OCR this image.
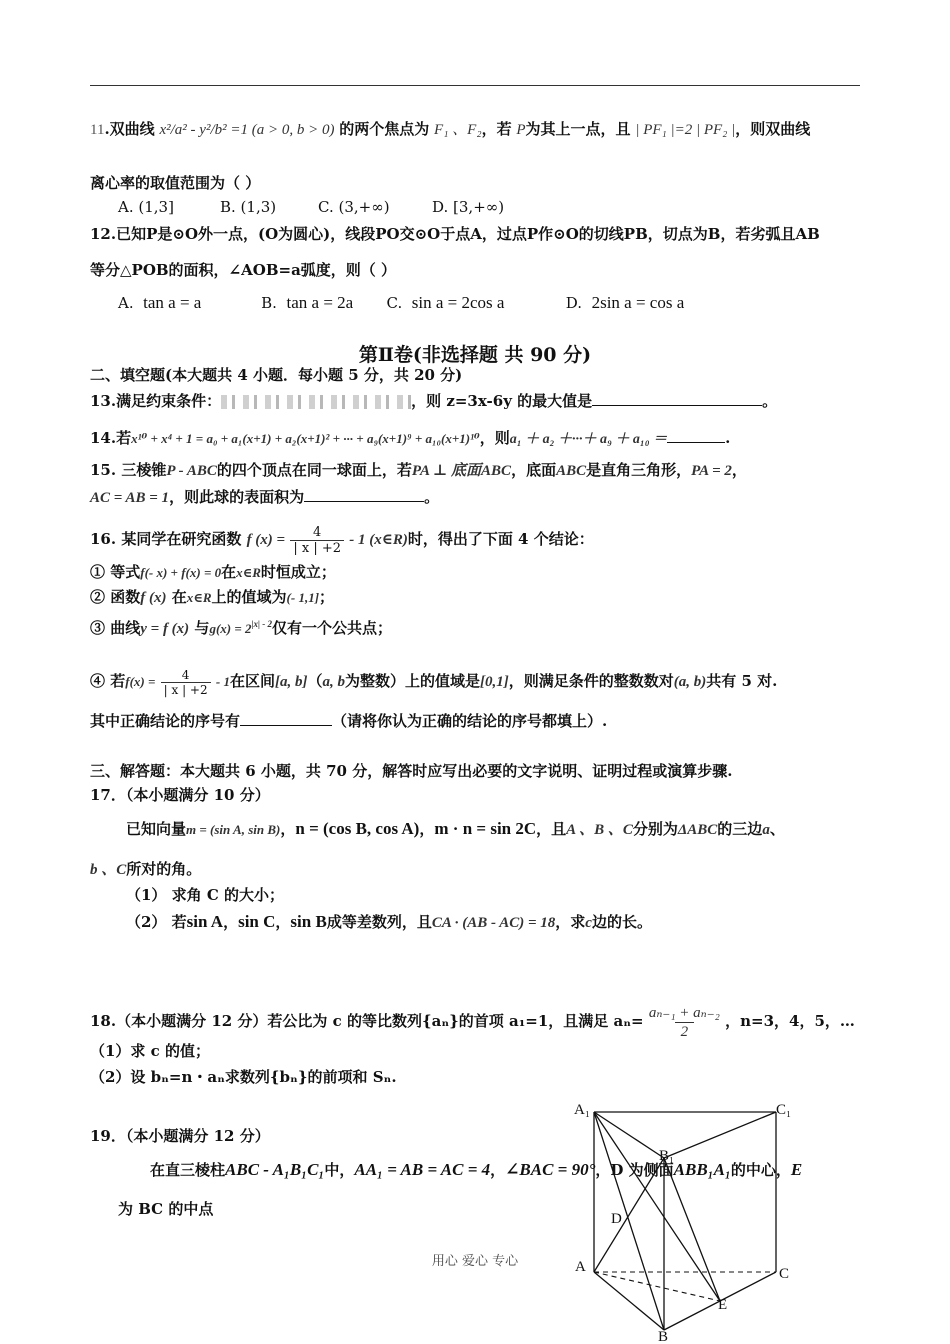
11.双曲线 x²/a² - y²/b² =1 (a > 0, b > 0) 的两个焦点为 F₁ 、F₂，若 P为其上一点，且 | PF₁ |=2 | PF₂ |，则双曲线
离心率的取值范围为（ ）
A. (1,3]	B. (1,3)	C. (3,+∞)	D. [3,+∞)
12.已知P是⊙O外一点，(O为圆心)，线段PO交⊙O于点A，过点P作⊙O的切线PB，切点为B，若劣弧且AB
等分△POB的面积，∠AOB=a弧度，则（ ）
A. tan a = a	B. tan a = 2a C. sin a = 2cos a	D. 2sin a = cos a
第Ⅱ卷(非选择题 共 90 分)
二、填空题(本大题共 4 小题．每小题 5 分，共 20 分)
13.满足约束条件：	，则 z=3x-6y 的最大值是	。
14.若x¹⁰ + x⁴ + 1 = a₀ + a₁(x+1) + a₂(x+1)² + ··· + a₉(x+1)⁹ + a₁₀(x+1)¹⁰，则a₁ ＋ a₂ ＋···＋ a₉ ＋ a₁₀ ＝	.
15. 三棱锥P - ABC的四个顶点在同一球面上，若PA ⊥ 底面ABC，底面ABC是直角三角形，PA = 2，
AC = AB = 1，则此球的表面积为	。
16. 某同学在研究函数 f $(x) = \frac{4}{| x | +2} - 1$ (x∈R)时，得出了下面 4 个结论：
① 等式f(- x) + f(x) = 0在x∈R时恒成立；
② 函数f (x) 在x∈R上的值域为(- 1,1]；
③ 曲线y = f (x) 与$g(x) = 2^{|x| - 2}$仅有一个公共点；
④ 若$f(x) = \frac{4}{| x | +2} - 1$在区间[a, b]（a, b为整数）上的值域是[0,1]，则满足条件的整数数对(a, b)共有 5 对.
其中正确结论的序号有	（请将你认为正确的结论的序号都填上）.
三、解答题：本大题共 6 小题，共 70 分，解答时应写出必要的文字说明、证明过程或演算步骤.
17．（本小题满分 10 分）
已知向量m = (sin A, sin B)，n = (cos B, cos A)，m · n = sin 2C，且A 、B 、C分别为ΔABC的三边a、
b 、C所对的角。
（1） 求角 C 的大小；
（2） 若sin A，sin C，sin B成等差数列，且CA · (AB - AC) = 18，求c边的长。
18.（本小题满分 12 分）若公比为 c 的等比数列{aₙ}的首项 a₁=1，且满足 $a_n= \frac{\text{aₙ₋₁ + aₙ₋₂}}{2}$ ，n=3，4，5，…
（1）求 c 的值；
（2）设 bₙ=n・aₙ求数列{bₙ}的前项和 Sₙ.
19．（本小题满分 12 分）
在直三棱柱ABC - A₁B₁C₁中，AA₁ = AB = AC = 4，∠BAC = 90°，D 为侧面ABB₁A₁的中心，E
为 BC 的中点
A₁	C₁
B₁
D
A	C
E
B
用心 爱心 专心
